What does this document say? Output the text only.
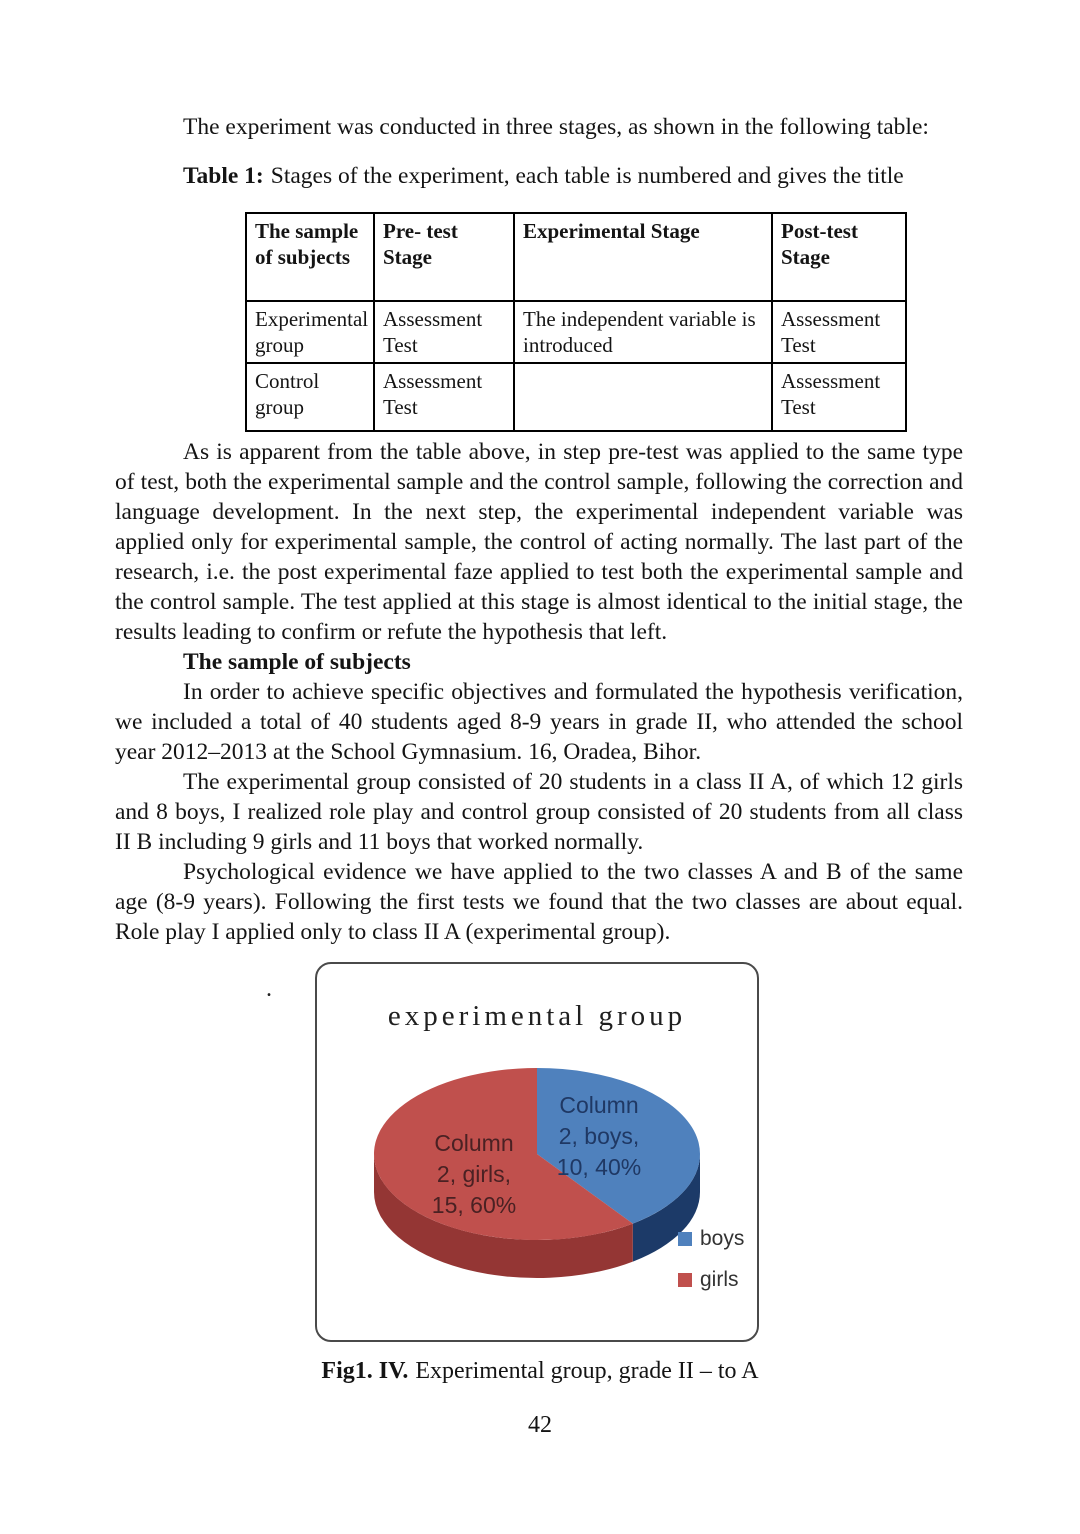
The experiment was conducted in three stages, as shown in the following table:

Table 1: Stages of the experiment, each table is numbered and gives the title
The sample of subjects	Pre- test Stage	Experimental Stage	Post-test Stage
Experimental group	Assessment Test	The independent variable is introduced	Assessment Test
Control group	Assessment Test		Assessment Test

As is apparent from the table above, in step pre-test was applied to the same type of test, both the experimental sample and the control sample, following the correction and language development. In the next step, the experimental independent variable was applied only for experimental sample, the control of acting normally. The last part of the research, i.e. the post experimental faze applied to test both the experimental sample and the control sample. The test applied at this stage is almost identical to the initial stage, the results leading to confirm or refute the hypothesis that left.

The sample of subjects

In order to achieve specific objectives and formulated the hypothesis verification, we included a total of 40 students aged 8-9 years in grade II, who attended the school year 2012–2013 at the School Gymnasium. 16, Oradea, Bihor.

The experimental group consisted of 20 students in a class II A, of which 12 girls and 8 boys, I realized role play and control group consisted of 20 students from all class II B including 9 girls and 11 boys that worked normally.

Psychological evidence we have applied to the two classes A and B of the same age (8-9 years). Following the first tests we found that the two classes are about equal. Role play I applied only to class II A (experimental group).

.
experimental group
Column
2, boys,
10, 40%
Column
2, girls,
15, 60%
boys
girls
Fig1. IV. Experimental group, grade II – to A
42
